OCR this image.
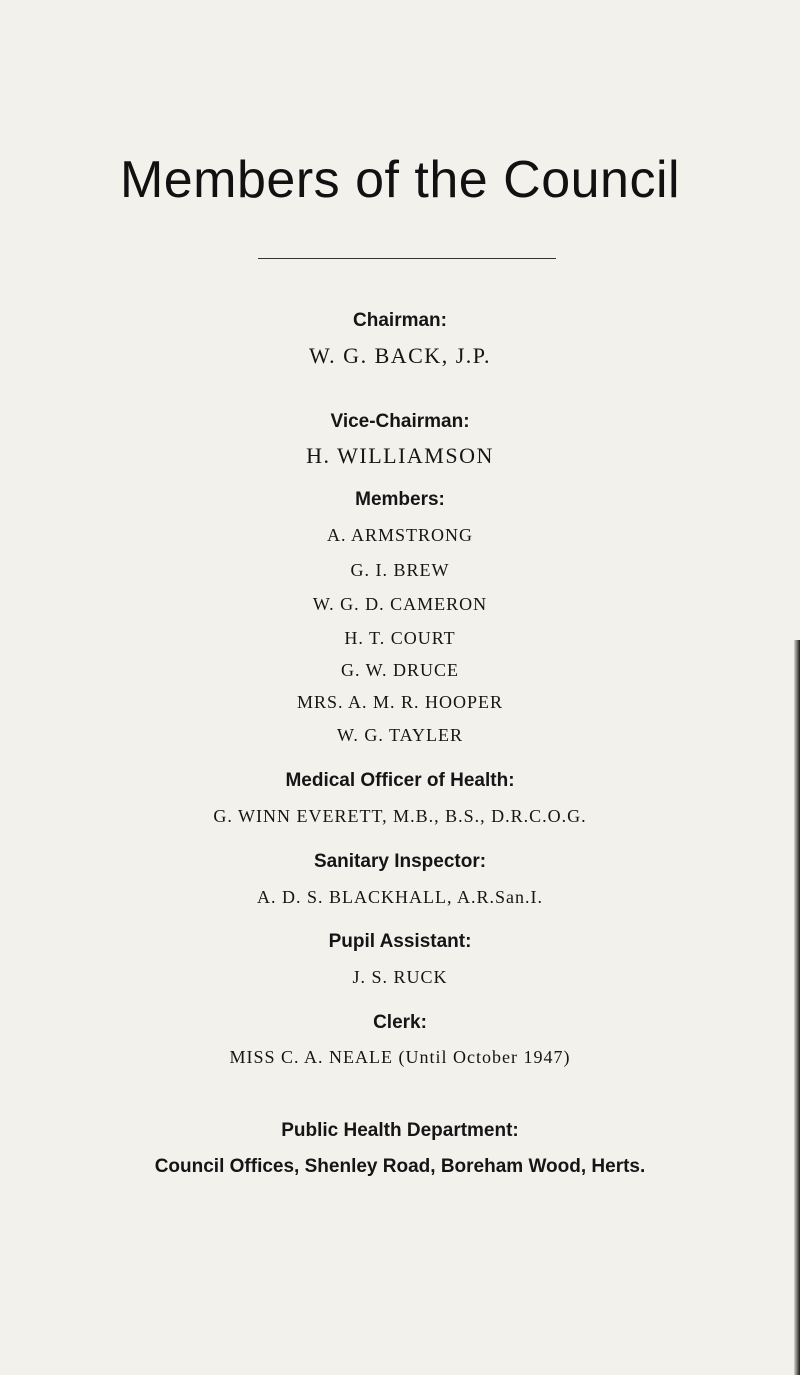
Members of the Council
Chairman:
W. G. BACK, J.P.
Vice-Chairman:
H. WILLIAMSON
Members:
A. ARMSTRONG
G. I. BREW
W. G. D. CAMERON
H. T. COURT
G. W. DRUCE
MRS. A. M. R. HOOPER
W. G. TAYLER
Medical Officer of Health:
G. WINN EVERETT, M.B., B.S., D.R.C.O.G.
Sanitary Inspector:
A. D. S. BLACKHALL, A.R.San.I.
Pupil Assistant:
J. S. RUCK
Clerk:
MISS C. A. NEALE (Until October 1947)
Public Health Department:
Council Offices, Shenley Road, Boreham Wood, Herts.
